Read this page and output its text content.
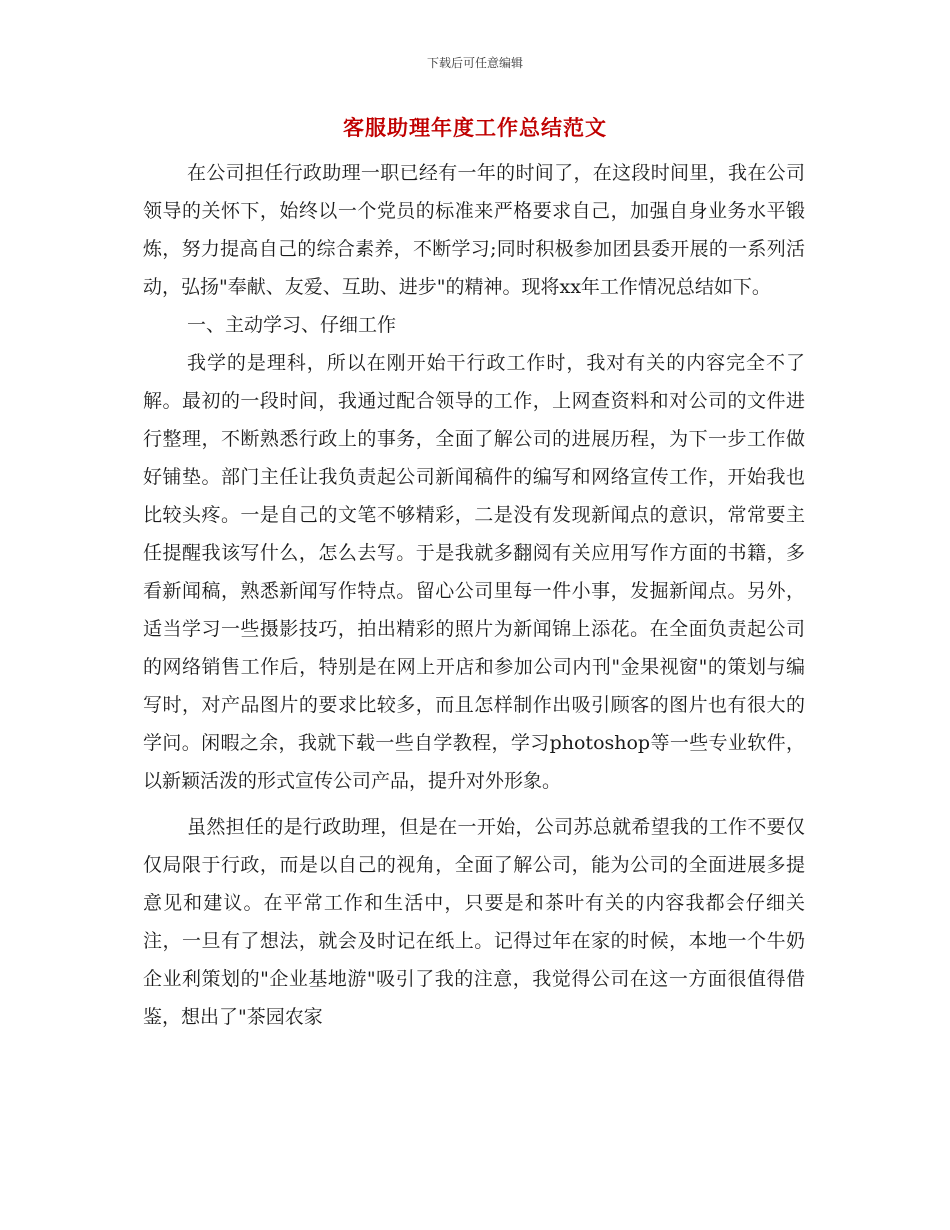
下载后可任意编辑
客服助理年度工作总结范文

在公司担任行政助理一职已经有一年的时间了，在这段时间里，我在公司领导的关怀下，始终以一个党员的标准来严格要求自己，加强自身业务水平锻炼，努力提高自己的综合素养，不断学习;同时积极参加团县委开展的一系列活动，弘扬"奉献、友爱、互助、进步"的精神。现将xx年工作情况总结如下。

一、主动学习、仔细工作

我学的是理科，所以在刚开始干行政工作时，我对有关的内容完全不了解。最初的一段时间，我通过配合领导的工作，上网查资料和对公司的文件进行整理，不断熟悉行政上的事务，全面了解公司的进展历程，为下一步工作做好铺垫。部门主任让我负责起公司新闻稿件的编写和网络宣传工作，开始我也比较头疼。一是自己的文笔不够精彩，二是没有发现新闻点的意识，常常要主任提醒我该写什么，怎么去写。于是我就多翻阅有关应用写作方面的书籍，多看新闻稿，熟悉新闻写作特点。留心公司里每一件小事，发掘新闻点。另外，适当学习一些摄影技巧，拍出精彩的照片为新闻锦上添花。在全面负责起公司的网络销售工作后，特别是在网上开店和参加公司内刊"金果视窗"的策划与编写时，对产品图片的要求比较多，而且怎样制作出吸引顾客的图片也有很大的学问。闲暇之余，我就下载一些自学教程，学习photoshop等一些专业软件，以新颖活泼的形式宣传公司产品，提升对外形象。

虽然担任的是行政助理，但是在一开始，公司苏总就希望我的工作不要仅仅局限于行政，而是以自己的视角，全面了解公司，能为公司的全面进展多提意见和建议。在平常工作和生活中，只要是和茶叶有关的内容我都会仔细关注，一旦有了想法，就会及时记在纸上。记得过年在家的时候，本地一个牛奶企业利策划的"企业基地游"吸引了我的注意，我觉得公司在这一方面很值得借鉴，想出了"茶园农家
